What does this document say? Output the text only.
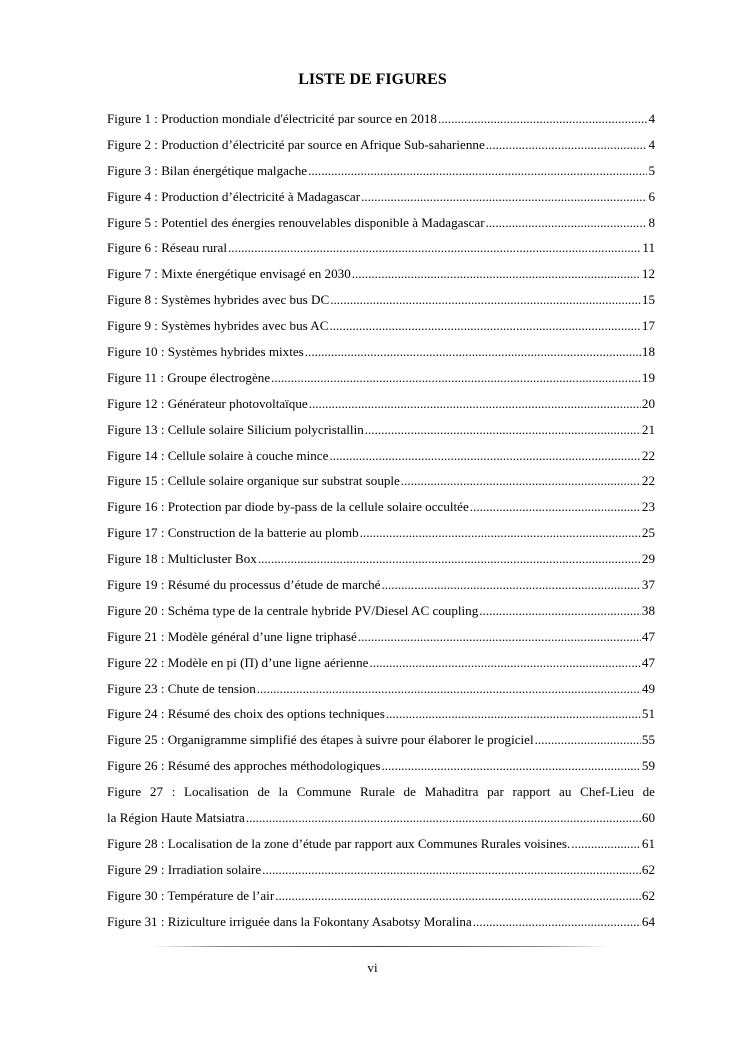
LISTE DE FIGURES
Figure 1 : Production mondiale d'électricité par source en 2018 .....	4
Figure 2 : Production d’électricité par source en Afrique Sub-saharienne .....	4
Figure 3 : Bilan énergétique malgache .....	5
Figure 4 : Production d’électricité à Madagascar .....	6
Figure 5 : Potentiel des énergies renouvelables disponible à Madagascar .....	8
Figure 6 : Réseau rural .....	11
Figure 7 : Mixte énergétique envisagé en 2030 .....	12
Figure 8 : Systèmes hybrides avec bus DC .....	15
Figure 9 : Systèmes hybrides avec bus AC .....	17
Figure 10 : Systèmes hybrides mixtes .....	18
Figure 11 : Groupe électrogène .....	19
Figure 12 : Générateur photovoltaïque .....	20
Figure 13 : Cellule solaire Silicium polycristallin .....	21
Figure 14 : Cellule solaire à couche mince .....	22
Figure 15 : Cellule solaire organique sur substrat souple .....	22
Figure 16 : Protection par diode by-pass de la cellule solaire occultée .....	23
Figure 17 : Construction de la batterie au plomb .....	25
Figure 18 : Multicluster Box .....	29
Figure 19 : Résumé du processus d’étude de marché .....	37
Figure 20 : Schéma type de la centrale hybride PV/Diesel AC coupling .....	38
Figure 21 : Modèle général d’une ligne triphasé .....	47
Figure 22 : Modèle en pi (Π) d’une ligne aérienne .....	47
Figure 23 : Chute de tension .....	49
Figure 24 : Résumé des choix des options techniques .....	51
Figure 25 : Organigramme simplifié des étapes à suivre pour élaborer le progiciel .....	55
Figure 26 : Résumé des approches méthodologiques .....	59
Figure 27 : Localisation de la Commune Rurale de Mahaditra par rapport au Chef-Lieu de
la Région Haute Matsiatra .....	60
Figure 28 : Localisation de la zone d’étude par rapport aux Communes Rurales voisines. .....	61
Figure 29 : Irradiation solaire .....	62
Figure 30 : Température de l’air .....	62
Figure 31 : Riziculture irriguée dans la Fokontany Asabotsy Moralina .....	64
vi
